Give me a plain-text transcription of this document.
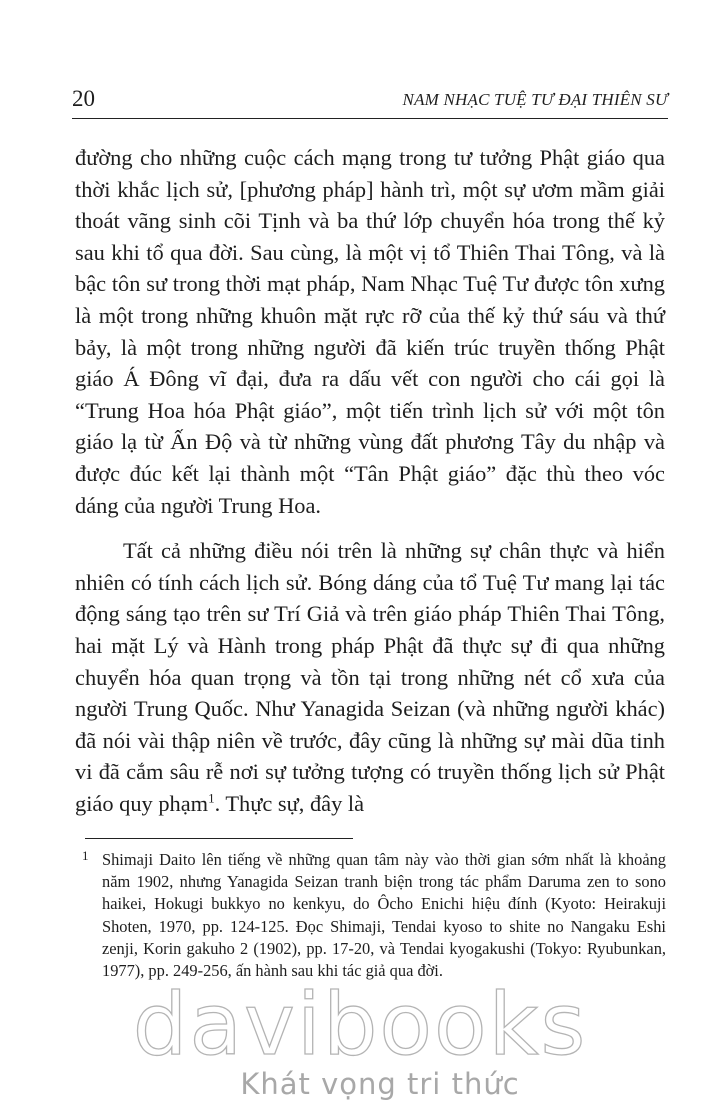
20	NAM NHẠC TUỆ TƯ ĐẠI THIÊN SƯ

đường cho những cuộc cách mạng trong tư tưởng Phật giáo qua thời khắc lịch sử, [phương pháp] hành trì, một sự ươm mầm giải thoát vãng sinh cõi Tịnh và ba thứ lớp chuyển hóa trong thế kỷ sau khi tổ qua đời. Sau cùng, là một vị tổ Thiên Thai Tông, và là bậc tôn sư trong thời mạt pháp, Nam Nhạc Tuệ Tư được tôn xưng là một trong những khuôn mặt rực rỡ của thế kỷ thứ sáu và thứ bảy, là một trong những người đã kiến trúc truyền thống Phật giáo Á Đông vĩ đại, đưa ra dấu vết con người cho cái gọi là “Trung Hoa hóa Phật giáo”, một tiến trình lịch sử với một tôn giáo lạ từ Ấn Độ và từ những vùng đất phương Tây du nhập và được đúc kết lại thành một “Tân Phật giáo” đặc thù theo vóc dáng của người Trung Hoa.

Tất cả những điều nói trên là những sự chân thực và hiển nhiên có tính cách lịch sử. Bóng dáng của tổ Tuệ Tư mang lại tác động sáng tạo trên sư Trí Giả và trên giáo pháp Thiên Thai Tông, hai mặt Lý và Hành trong pháp Phật đã thực sự đi qua những chuyển hóa quan trọng và tồn tại trong những nét cổ xưa của người Trung Quốc. Như Yanagida Seizan (và những người khác) đã nói vài thập niên về trước, đây cũng là những sự mài dũa tinh vi đã cắm sâu rễ nơi sự tưởng tượng có truyền thống lịch sử Phật giáo quy phạm$^1$. Thực sự, đây là

1 Shimaji Daito lên tiếng về những quan tâm này vào thời gian sớm nhất là khoảng năm 1902, nhưng Yanagida Seizan tranh biện trong tác phẩm Daruma zen to sono haikei, Hokugi bukkyo no kenkyu, do Ôcho Enichi hiệu đính (Kyoto: Heirakuji Shoten, 1970, pp. 124-125. Đọc Shimaji, Tendai kyoso to shite no Nangaku Eshi zenji, Korin gakuho 2 (1902), pp. 17-20, và Tendai kyogakushi (Tokyo: Ryubunkan, 1977), pp. 249-256, ấn hành sau khi tác giả qua đời.
davibooks
Khát vọng tri thức
